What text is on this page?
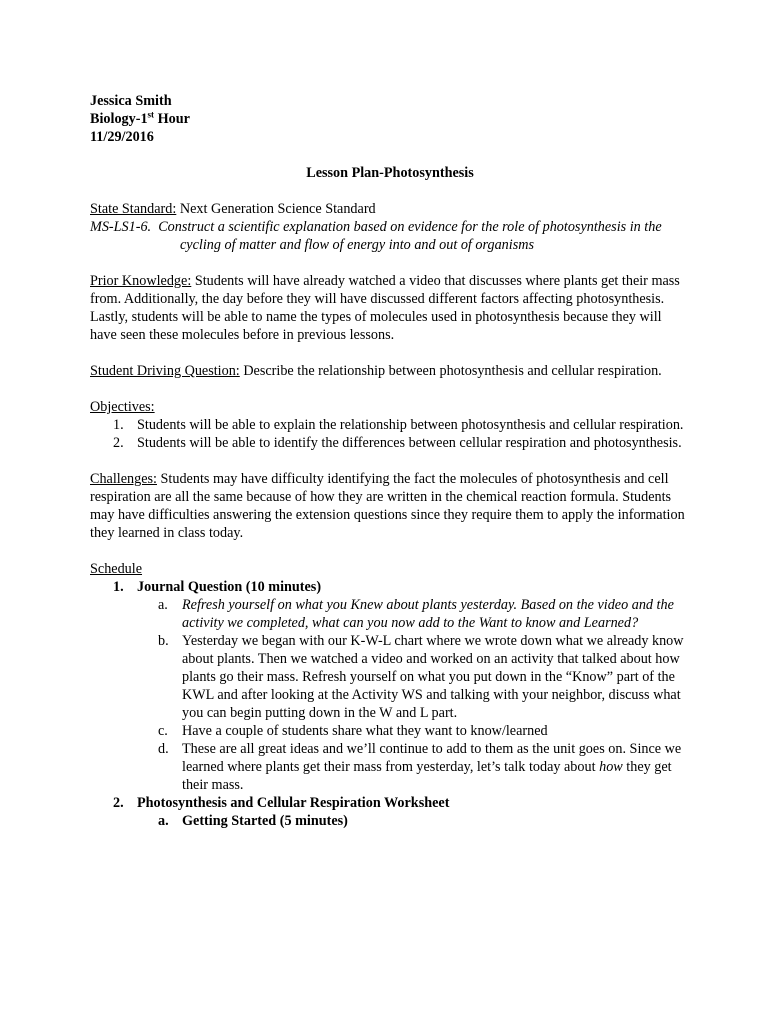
Jessica Smith

Biology-1st Hour

11/29/2016

Lesson Plan-Photosynthesis

State Standard: Next Generation Science Standard

MS-LS1-6. Construct a scientific explanation based on evidence for the role of photosynthesis in the cycling of matter and flow of energy into and out of organisms

Prior Knowledge: Students will have already watched a video that discusses where plants get their mass from. Additionally, the day before they will have discussed different factors affecting photosynthesis. Lastly, students will be able to name the types of molecules used in photosynthesis because they will have seen these molecules before in previous lessons.

Student Driving Question: Describe the relationship between photosynthesis and cellular respiration.

Objectives:

1. Students will be able to explain the relationship between photosynthesis and cellular respiration.
2. Students will be able to identify the differences between cellular respiration and photosynthesis.

Challenges: Students may have difficulty identifying the fact the molecules of photosynthesis and cell respiration are all the same because of how they are written in the chemical reaction formula. Students may have difficulties answering the extension questions since they require them to apply the information they learned in class today.

Schedule

1. Journal Question (10 minutes)
a. Refresh yourself on what you Knew about plants yesterday. Based on the video and the activity we completed, what can you now add to the Want to know and Learned?
b. Yesterday we began with our K-W-L chart where we wrote down what we already know about plants. Then we watched a video and worked on an activity that talked about how plants go their mass. Refresh yourself on what you put down in the “Know” part of the KWL and after looking at the Activity WS and talking with your neighbor, discuss what you can begin putting down in the W and L part.
c. Have a couple of students share what they want to know/learned
d. These are all great ideas and we’ll continue to add to them as the unit goes on. Since we learned where plants get their mass from yesterday, let’s talk today about how they get their mass.
2. Photosynthesis and Cellular Respiration Worksheet
a. Getting Started (5 minutes)
